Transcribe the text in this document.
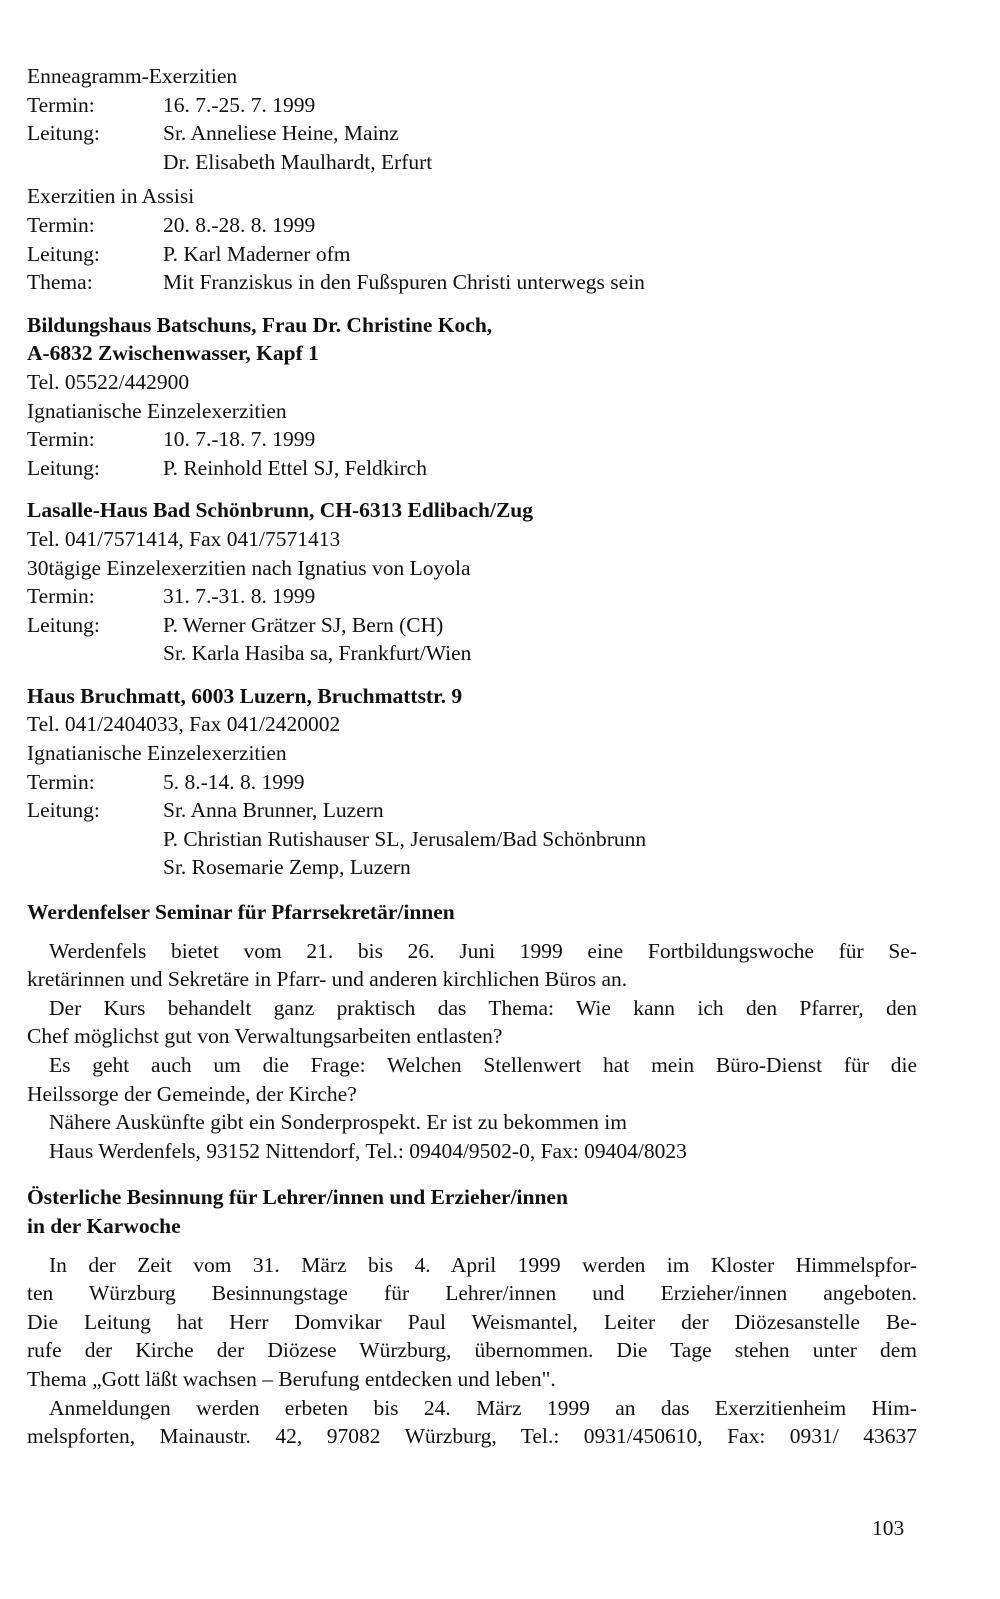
Enneagramm-Exerzitien
Termin:	16. 7.-25. 7. 1999
Leitung:	Sr. Anneliese Heine, Mainz
Dr. Elisabeth Maulhardt, Erfurt
Exerzitien in Assisi
Termin:	20. 8.-28. 8. 1999
Leitung:	P. Karl Maderner ofm
Thema:	Mit Franziskus in den Fußspuren Christi unterwegs sein
Bildungshaus Batschuns, Frau Dr. Christine Koch,
A-6832 Zwischenwasser, Kapf 1
Tel. 05522/442900
Ignatianische Einzelexerzitien
Termin:	10. 7.-18. 7. 1999
Leitung:	P. Reinhold Ettel SJ, Feldkirch
Lasalle-Haus Bad Schönbrunn, CH-6313 Edlibach/Zug
Tel. 041/7571414, Fax 041/7571413
30tägige Einzelexerzitien nach Ignatius von Loyola
Termin:	31. 7.-31. 8. 1999
Leitung:	P. Werner Grätzer SJ, Bern (CH)
Sr. Karla Hasiba sa, Frankfurt/Wien
Haus Bruchmatt, 6003 Luzern, Bruchmattstr. 9
Tel. 041/2404033, Fax 041/2420002
Ignatianische Einzelexerzitien
Termin:	5. 8.-14. 8. 1999
Leitung:	Sr. Anna Brunner, Luzern
P. Christian Rutishauser SL, Jerusalem/Bad Schönbrunn
Sr. Rosemarie Zemp, Luzern
Werdenfelser Seminar für Pfarrsekretär/innen
Werdenfels bietet vom 21. bis 26. Juni 1999 eine Fortbildungswoche für Se-
kretärinnen und Sekretäre in Pfarr- und anderen kirchlichen Büros an.
Der Kurs behandelt ganz praktisch das Thema: Wie kann ich den Pfarrer, den
Chef möglichst gut von Verwaltungsarbeiten entlasten?
Es geht auch um die Frage: Welchen Stellenwert hat mein Büro-Dienst für die
Heilssorge der Gemeinde, der Kirche?
Nähere Auskünfte gibt ein Sonderprospekt. Er ist zu bekommen im
Haus Werdenfels, 93152 Nittendorf, Tel.: 09404/9502-0, Fax: 09404/8023
Österliche Besinnung für Lehrer/innen und Erzieher/innen
in der Karwoche
In der Zeit vom 31. März bis 4. April 1999 werden im Kloster Himmelspfor-
ten Würzburg Besinnungstage für Lehrer/innen und Erzieher/innen angeboten.
Die Leitung hat Herr Domvikar Paul Weismantel, Leiter der Diözesanstelle Be-
rufe der Kirche der Diözese Würzburg, übernommen. Die Tage stehen unter dem
Thema „Gott läßt wachsen – Berufung entdecken und leben".
Anmeldungen werden erbeten bis 24. März 1999 an das Exerzitienheim Him-
melspforten, Mainaustr. 42, 97082 Würzburg, Tel.: 0931/450610, Fax: 0931/ 43637
103
